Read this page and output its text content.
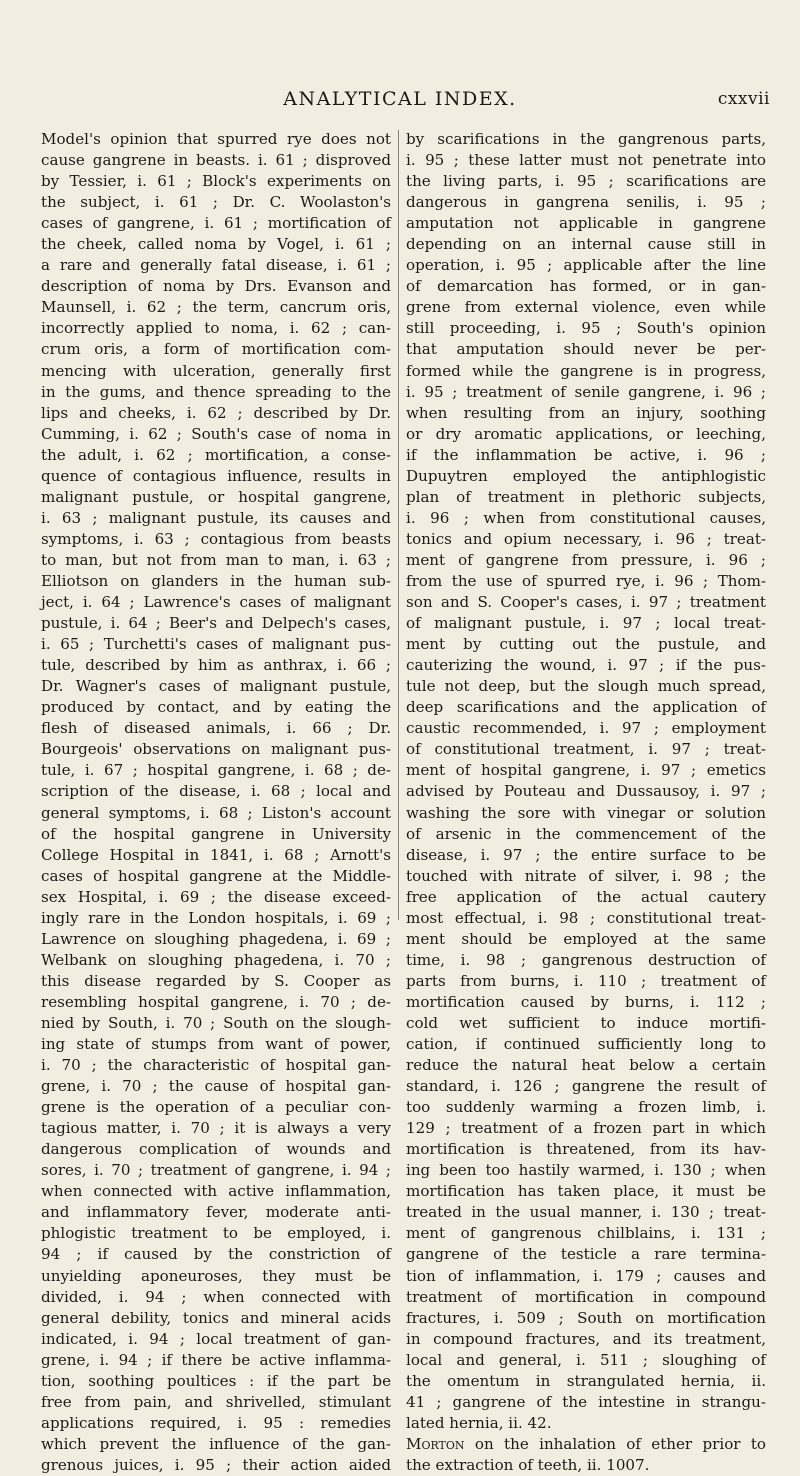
ANALYTICAL INDEX.	cxxvii
Model's opinion that spurred rye does not
cause gangrene in beasts. i. 61 ; disproved
by Tessier, i. 61 ; Block's experiments on
the subject, i. 61 ; Dr. C. Woolaston's
cases of gangrene, i. 61 ; mortification of
the cheek, called noma by Vogel, i. 61 ;
a rare and generally fatal disease, i. 61 ;
description of noma by Drs. Evanson and
Maunsell, i. 62 ; the term, cancrum oris,
incorrectly applied to noma, i. 62 ; can-
crum oris, a form of mortification com-
mencing with ulceration, generally first
in the gums, and thence spreading to the
lips and cheeks, i. 62 ; described by Dr.
Cumming, i. 62 ; South's case of noma in
the adult, i. 62 ; mortification, a conse-
quence of contagious influence, results in
malignant pustule, or hospital gangrene,
i. 63 ; malignant pustule, its causes and
symptoms, i. 63 ; contagious from beasts
to man, but not from man to man, i. 63 ;
Elliotson on glanders in the human sub-
ject, i. 64 ; Lawrence's cases of malignant
pustule, i. 64 ; Beer's and Delpech's cases,
i. 65 ; Turchetti's cases of malignant pus-
tule, described by him as anthrax, i. 66 ;
Dr. Wagner's cases of malignant pustule,
produced by contact, and by eating the
flesh of diseased animals, i. 66 ; Dr.
Bourgeois' observations on malignant pus-
tule, i. 67 ; hospital gangrene, i. 68 ; de-
scription of the disease, i. 68 ; local and
general symptoms, i. 68 ; Liston's account
of the hospital gangrene in University
College Hospital in 1841, i. 68 ; Arnott's
cases of hospital gangrene at the Middle-
sex Hospital, i. 69 ; the disease exceed-
ingly rare in the London hospitals, i. 69 ;
Lawrence on sloughing phagedena, i. 69 ;
Welbank on sloughing phagedena, i. 70 ;
this disease regarded by S. Cooper as
resembling hospital gangrene, i. 70 ; de-
nied by South, i. 70 ; South on the slough-
ing state of stumps from want of power,
i. 70 ; the characteristic of hospital gan-
grene, i. 70 ; the cause of hospital gan-
grene is the operation of a peculiar con-
tagious matter, i. 70 ; it is always a very
dangerous complication of wounds and
sores, i. 70 ; treatment of gangrene, i. 94 ;
when connected with active inflammation,
and inflammatory fever, moderate anti-
phlogistic treatment to be employed, i.
94 ; if caused by the constriction of
unyielding aponeuroses, they must be
divided, i. 94 ; when connected with
general debility, tonics and mineral acids
indicated, i. 94 ; local treatment of gan-
grene, i. 94 ; if there be active inflamma-
tion, soothing poultices : if the part be
free from pain, and shrivelled, stimulant
applications required, i. 95 : remedies
which prevent the influence of the gan-
grenous juices, i. 95 ; their action aided
by scarifications in the gangrenous parts,
i. 95 ; these latter must not penetrate into
the living parts, i. 95 ; scarifications are
dangerous in gangrena senilis, i. 95 ;
amputation not applicable in gangrene
depending on an internal cause still in
operation, i. 95 ; applicable after the line
of demarcation has formed, or in gan-
grene from external violence, even while
still proceeding, i. 95 ; South's opinion
that amputation should never be per-
formed while the gangrene is in progress,
i. 95 ; treatment of senile gangrene, i. 96 ;
when resulting from an injury, soothing
or dry aromatic applications, or leeching,
if the inflammation be active, i. 96 ;
Dupuytren employed the antiphlogistic
plan of treatment in plethoric subjects,
i. 96 ; when from constitutional causes,
tonics and opium necessary, i. 96 ; treat-
ment of gangrene from pressure, i. 96 ;
from the use of spurred rye, i. 96 ; Thom-
son and S. Cooper's cases, i. 97 ; treatment
of malignant pustule, i. 97 ; local treat-
ment by cutting out the pustule, and
cauterizing the wound, i. 97 ; if the pus-
tule not deep, but the slough much spread,
deep scarifications and the application of
caustic recommended, i. 97 ; employment
of constitutional treatment, i. 97 ; treat-
ment of hospital gangrene, i. 97 ; emetics
advised by Pouteau and Dussausoy, i. 97 ;
washing the sore with vinegar or solution
of arsenic in the commencement of the
disease, i. 97 ; the entire surface to be
touched with nitrate of silver, i. 98 ; the
free application of the actual cautery
most effectual, i. 98 ; constitutional treat-
ment should be employed at the same
time, i. 98 ; gangrenous destruction of
parts from burns, i. 110 ; treatment of
mortification caused by burns, i. 112 ;
cold wet sufficient to induce mortifi-
cation, if continued sufficiently long to
reduce the natural heat below a certain
standard, i. 126 ; gangrene the result of
too suddenly warming a frozen limb, i.
129 ; treatment of a frozen part in which
mortification is threatened, from its hav-
ing been too hastily warmed, i. 130 ; when
mortification has taken place, it must be
treated in the usual manner, i. 130 ; treat-
ment of gangrenous chilblains, i. 131 ;
gangrene of the testicle a rare termina-
tion of inflammation, i. 179 ; causes and
treatment of mortification in compound
fractures, i. 509 ; South on mortification
in compound fractures, and its treatment,
local and general, i. 511 ; sloughing of
the omentum in strangulated hernia, ii.
41 ; gangrene of the intestine in strangu-
lated hernia, ii. 42.

Morton on the inhalation of ether prior to
the extraction of teeth, ii. 1007.
